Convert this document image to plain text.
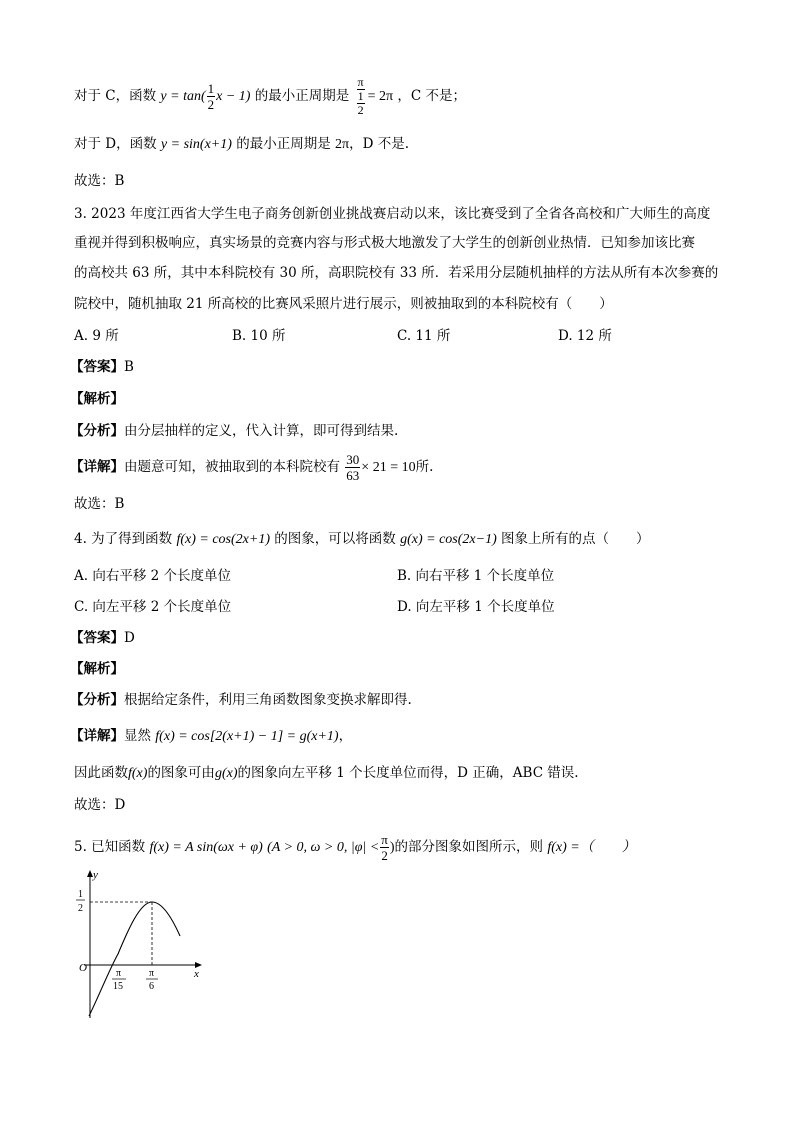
对于 C，函数 $y = \tan( \frac{1}{2}$ x − 1) 的最小正周期是 $\frac{\pi}{\frac{1}{2}} = 2\pi$ ，C 不是；
对于 D，函数 y = sin(x+1) 的最小正周期是 2π，D 不是.
故选：B
3. 2023 年度江西省大学生电子商务创新创业挑战赛启动以来，该比赛受到了全省各高校和广大师生的高度
重视并得到积极响应，真实场景的竞赛内容与形式极大地激发了大学生的创新创业热情．已知参加该比赛
的高校共 63 所，其中本科院校有 30 所，高职院校有 33 所．若采用分层随机抽样的方法从所有本次参赛的
院校中，随机抽取 21 所高校的比赛风采照片进行展示，则被抽取到的本科院校有（　　）
A. 9 所	B. 10 所	C. 11 所	D. 12 所
【答案】B
【解析】
【分析】由分层抽样的定义，代入计算，即可得到结果.
【详解】由题意可知，被抽取到的本科院校有 $\frac{30}{63} \times 21 = 10$所.
故选：B
4. 为了得到函数 f(x) = cos(2x+1) 的图象，可以将函数 g(x) = cos(2x−1) 图象上所有的点（　　）
A. 向右平移 2 个长度单位	B. 向右平移 1 个长度单位
C. 向左平移 2 个长度单位	D. 向左平移 1 个长度单位
【答案】D
【解析】
【分析】根据给定条件，利用三角函数图象变换求解即得.
【详解】显然 f(x) = cos[2(x+1) − 1] = g(x+1)，
因此函数f(x)的图象可由g(x)的图象向左平移 1 个长度单位而得，D 正确，ABC 错误.
故选：D
5. 已知函数 f(x) = A sin(ωx + φ) (A > 0, ω > 0, $|\varphi| < \frac{\pi}{2}$ )的部分图象如图所示，则 f(x) =（　　）
y
x
O
1
2
π
15
π
6
